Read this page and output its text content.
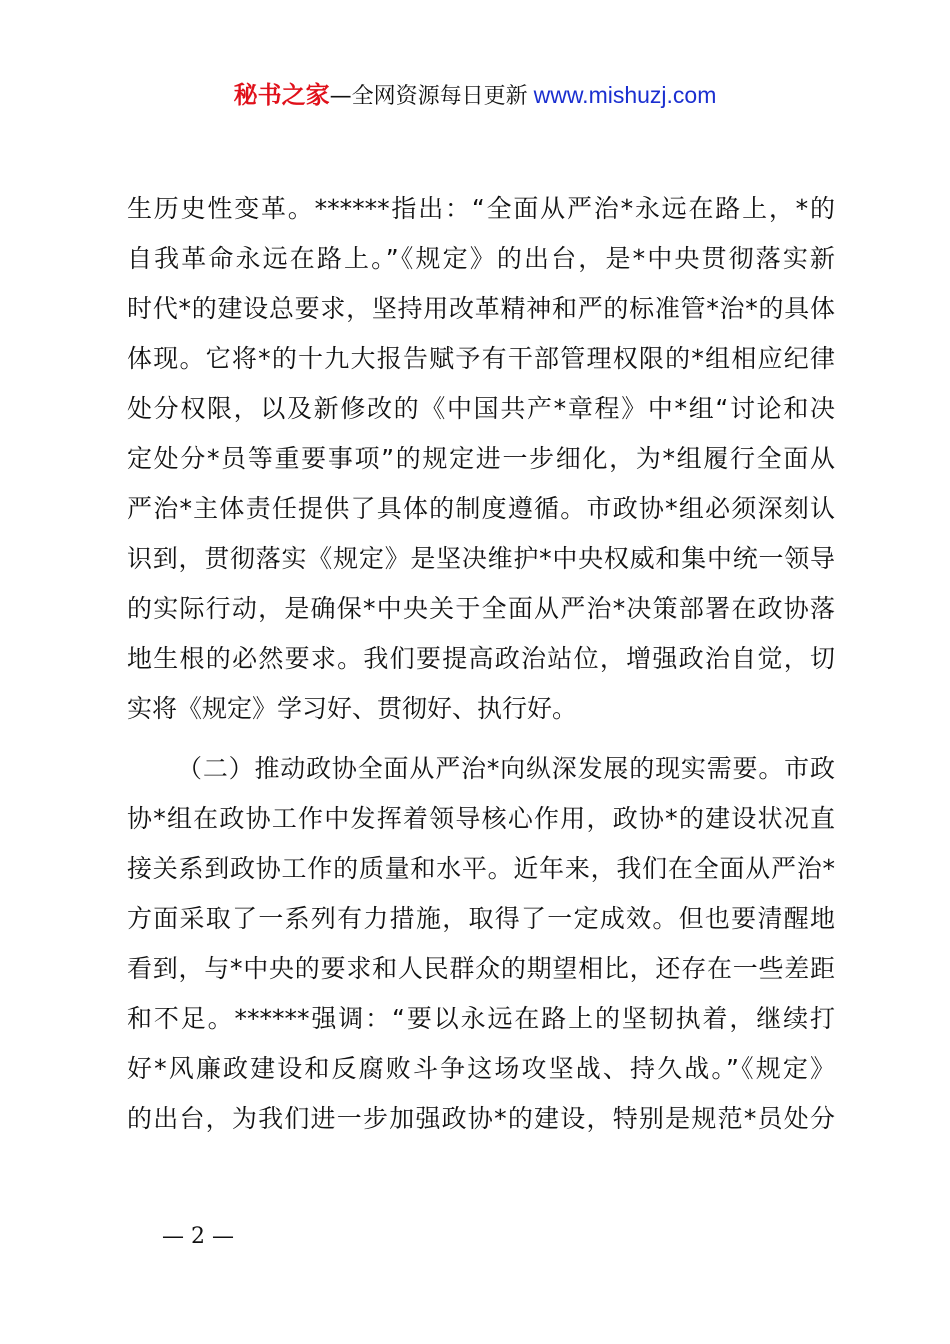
秘书之家—全网资源每日更新 www.mishuzj.com
生历史性变革。******指出：“全面从严治*永远在路上，*的
自我革命永远在路上。”《规定》的出台，是*中央贯彻落实新
时代*的建设总要求，坚持用改革精神和严的标准管*治*的具体
体现。它将*的十九大报告赋予有干部管理权限的*组相应纪律
处分权限，以及新修改的《中国共产*章程》中*组“讨论和决
定处分*员等重要事项”的规定进一步细化，为*组履行全面从
严治*主体责任提供了具体的制度遵循。市政协*组必须深刻认
识到，贯彻落实《规定》是坚决维护*中央权威和集中统一领导
的实际行动，是确保*中央关于全面从严治*决策部署在政协落
地生根的必然要求。我们要提高政治站位，增强政治自觉，切
实将《规定》学习好、贯彻好、执行好。
（二）推动政协全面从严治*向纵深发展的现实需要。市政
协*组在政协工作中发挥着领导核心作用，政协*的建设状况直
接关系到政协工作的质量和水平。近年来，我们在全面从严治*
方面采取了一系列有力措施，取得了一定成效。但也要清醒地
看到，与*中央的要求和人民群众的期望相比，还存在一些差距
和不足。******强调：“要以永远在路上的坚韧执着，继续打
好*风廉政建设和反腐败斗争这场攻坚战、持久战。”《规定》
的出台，为我们进一步加强政协*的建设，特别是规范*员处分
— 2 —
